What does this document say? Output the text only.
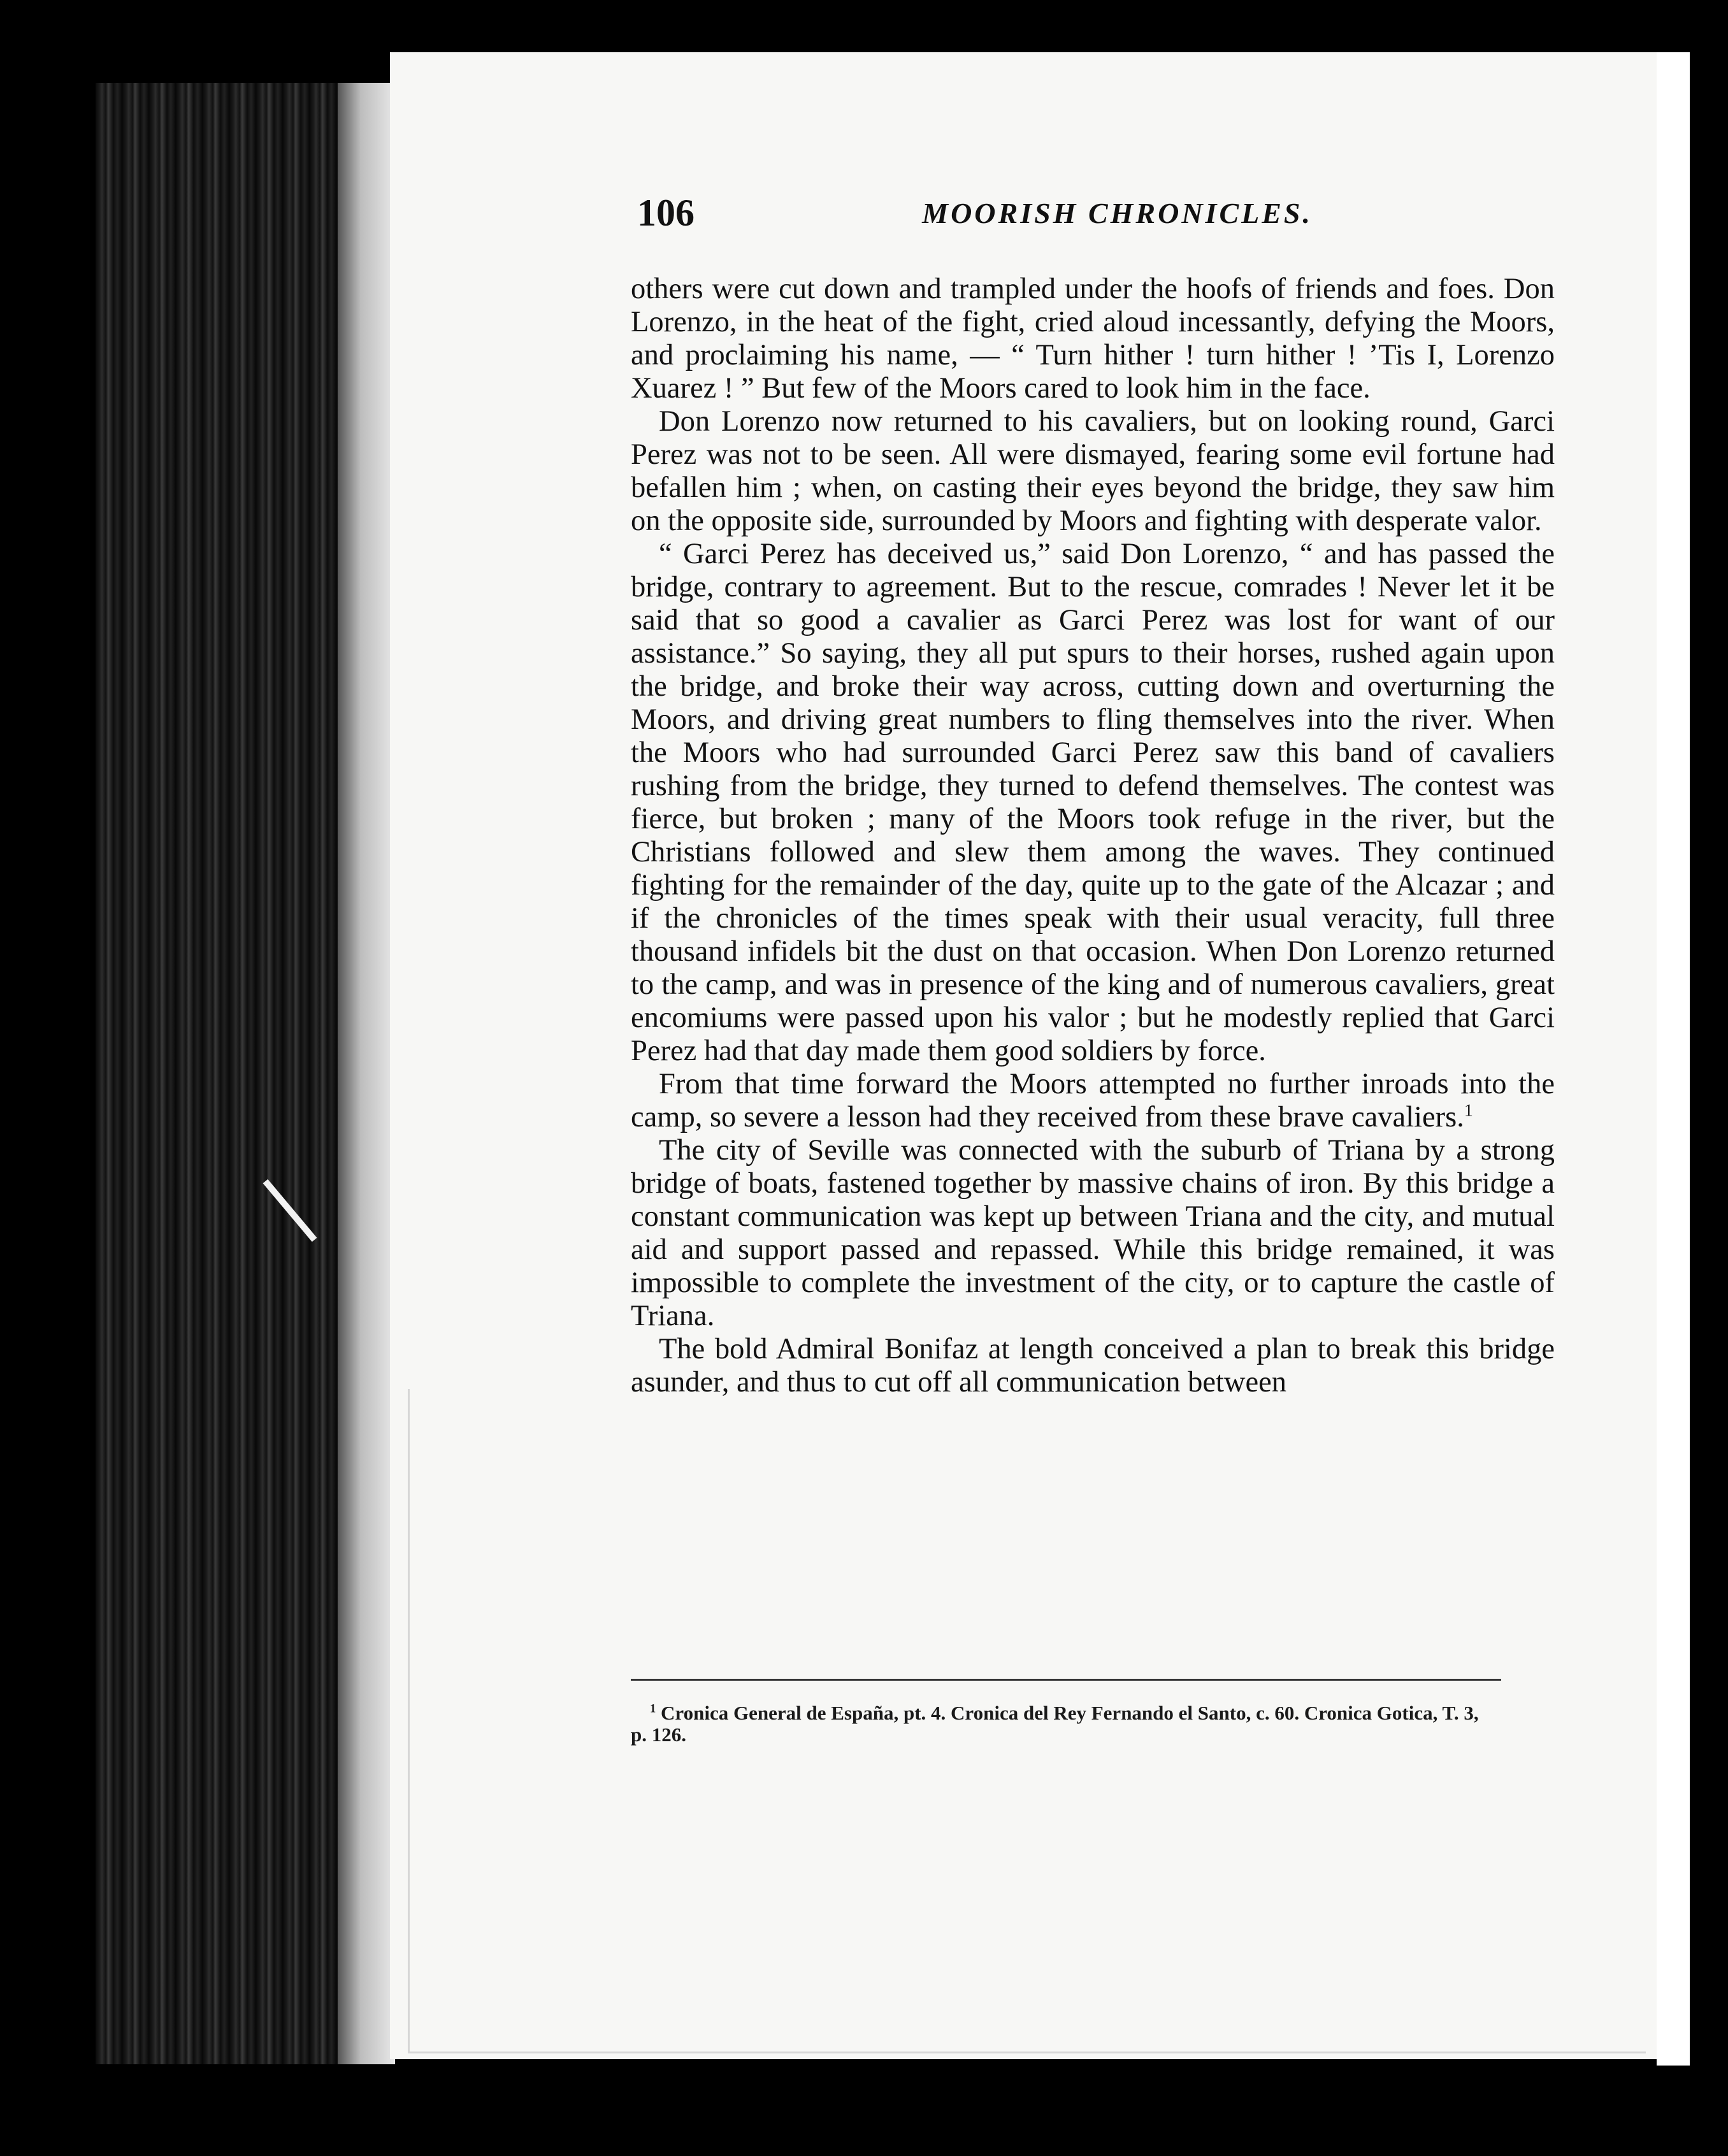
106	MOORISH CHRONICLES.

others were cut down and trampled under the hoofs of friends and foes. Don Lorenzo, in the heat of the fight, cried aloud incessantly, defying the Moors, and proclaiming his name, — “ Turn hither ! turn hither ! ’Tis I, Lorenzo Xuarez ! ” But few of the Moors cared to look him in the face.

Don Lorenzo now returned to his cavaliers, but on looking round, Garci Perez was not to be seen. All were dismayed, fearing some evil fortune had befallen him ; when, on casting their eyes beyond the bridge, they saw him on the opposite side, surrounded by Moors and fighting with desperate valor.

“ Garci Perez has deceived us,” said Don Lorenzo, “ and has passed the bridge, contrary to agreement. But to the rescue, comrades ! Never let it be said that so good a cavalier as Garci Perez was lost for want of our assistance.” So saying, they all put spurs to their horses, rushed again upon the bridge, and broke their way across, cutting down and overturning the Moors, and driving great numbers to fling themselves into the river. When the Moors who had surrounded Garci Perez saw this band of cavaliers rushing from the bridge, they turned to defend themselves. The contest was fierce, but broken ; many of the Moors took refuge in the river, but the Christians followed and slew them among the waves. They continued fighting for the remainder of the day, quite up to the gate of the Alcazar ; and if the chronicles of the times speak with their usual veracity, full three thousand infidels bit the dust on that occasion. When Don Lorenzo returned to the camp, and was in presence of the king and of numerous cavaliers, great encomiums were passed upon his valor ; but he modestly replied that Garci Perez had that day made them good soldiers by force.

From that time forward the Moors attempted no further inroads into the camp, so severe a lesson had they received from these brave cavaliers.$^1$

The city of Seville was connected with the suburb of Triana by a strong bridge of boats, fastened together by massive chains of iron. By this bridge a constant communication was kept up between Triana and the city, and mutual aid and support passed and repassed. While this bridge remained, it was impossible to complete the investment of the city, or to capture the castle of Triana.

The bold Admiral Bonifaz at length conceived a plan to break this bridge asunder, and thus to cut off all communication between

$^1$ Cronica General de España, pt. 4. Cronica del Rey Fernando el Santo, c. 60. Cronica Gotica, T. 3, p. 126.
